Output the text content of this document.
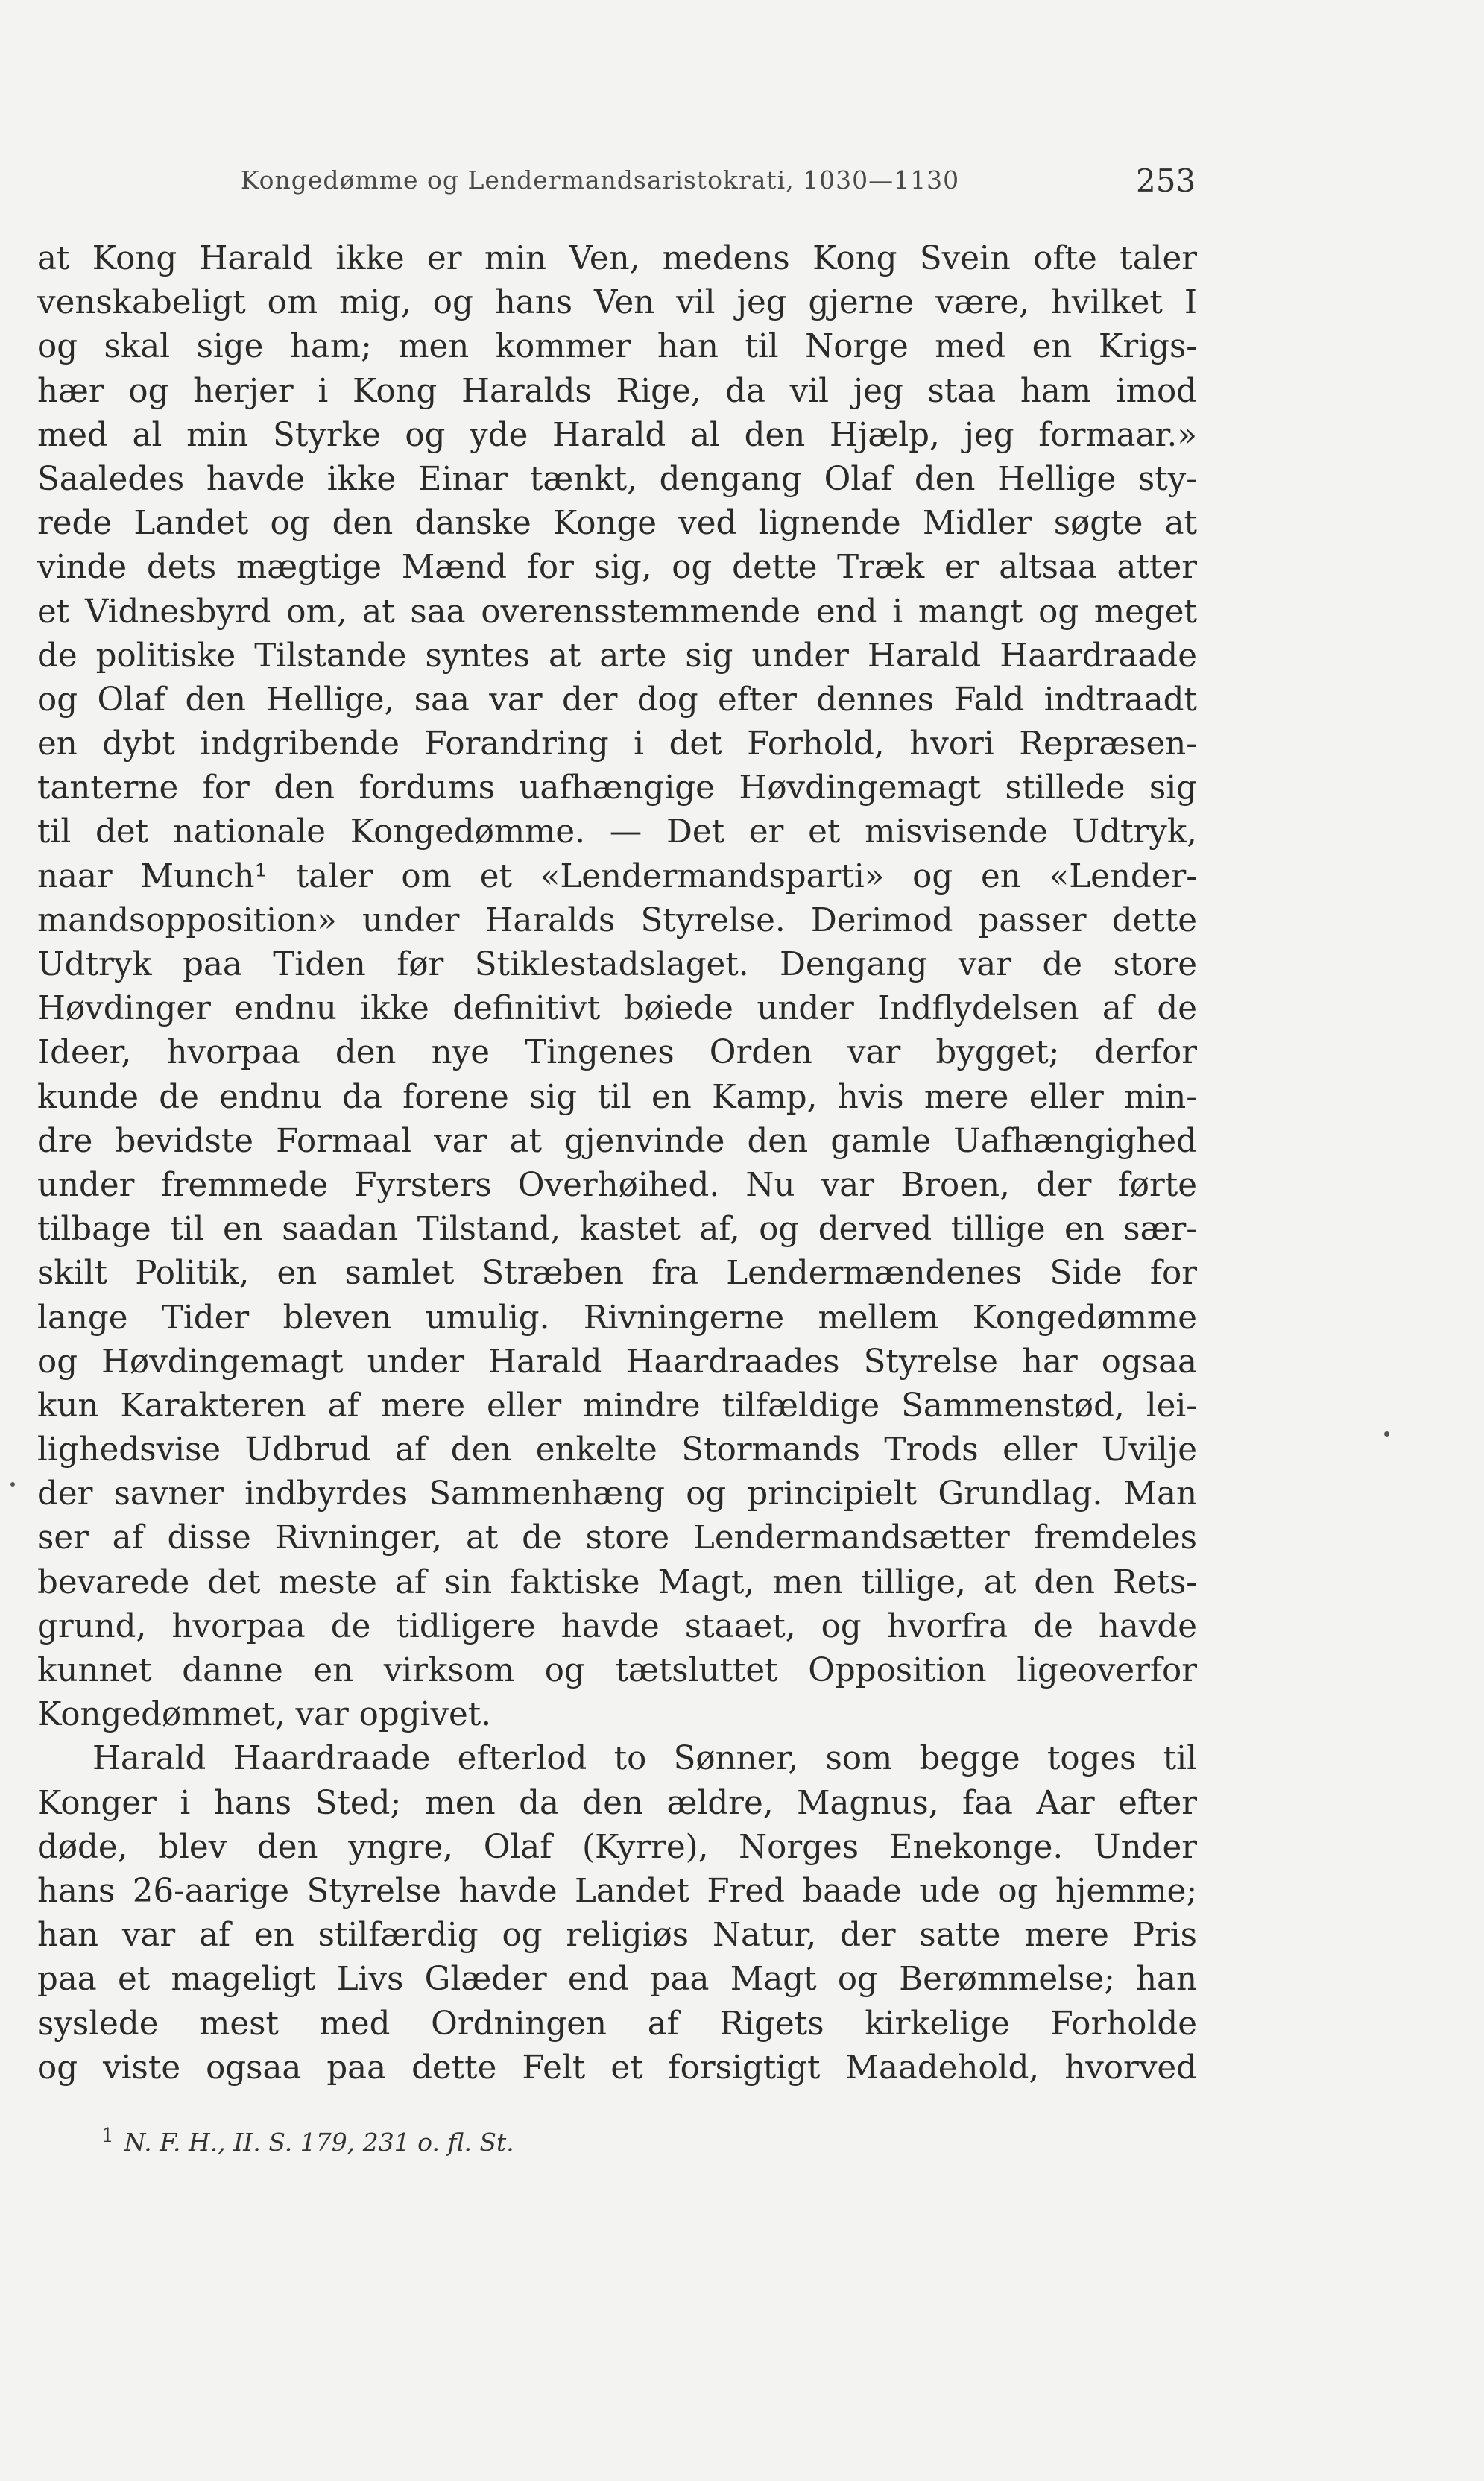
Kongedømme og Lendermandsaristokrati, 1030—1130	253
at Kong Harald ikke er min Ven, medens Kong Svein ofte taler
venskabeligt om mig, og hans Ven vil jeg gjerne være, hvilket I
og skal sige ham; men kommer han til Norge med en Krigs-
hær og herjer i Kong Haralds Rige, da vil jeg staa ham imod
med al min Styrke og yde Harald al den Hjælp, jeg formaar.»
Saaledes havde ikke Einar tænkt, dengang Olaf den Hellige sty-
rede Landet og den danske Konge ved lignende Midler søgte at
vinde dets mægtige Mænd for sig, og dette Træk er altsaa atter
et Vidnesbyrd om, at saa overensstemmende end i mangt og meget
de politiske Tilstande syntes at arte sig under Harald Haardraade
og Olaf den Hellige, saa var der dog efter dennes Fald indtraadt
en dybt indgribende Forandring i det Forhold, hvori Repræsen-
tanterne for den fordums uafhængige Høvdingemagt stillede sig
til det nationale Kongedømme. — Det er et misvisende Udtryk,
naar Munch¹ taler om et «Lendermandsparti» og en «Lender-
mandsopposition» under Haralds Styrelse. Derimod passer dette
Udtryk paa Tiden før Stiklestadslaget. Dengang var de store
Høvdinger endnu ikke definitivt bøiede under Indflydelsen af de
Ideer, hvorpaa den nye Tingenes Orden var bygget; derfor
kunde de endnu da forene sig til en Kamp, hvis mere eller min-
dre bevidste Formaal var at gjenvinde den gamle Uafhængighed
under fremmede Fyrsters Overhøihed. Nu var Broen, der førte
tilbage til en saadan Tilstand, kastet af, og derved tillige en sær-
skilt Politik, en samlet Stræben fra Lendermændenes Side for
lange Tider bleven umulig. Rivningerne mellem Kongedømme
og Høvdingemagt under Harald Haardraades Styrelse har ogsaa
kun Karakteren af mere eller mindre tilfældige Sammenstød, lei-
lighedsvise Udbrud af den enkelte Stormands Trods eller Uvilje
der savner indbyrdes Sammenhæng og principielt Grundlag. Man
ser af disse Rivninger, at de store Lendermandsætter fremdeles
bevarede det meste af sin faktiske Magt, men tillige, at den Rets-
grund, hvorpaa de tidligere havde staaet, og hvorfra de havde
kunnet danne en virksom og tætsluttet Opposition ligeoverfor
Kongedømmet, var opgivet.
Harald Haardraade efterlod to Sønner, som begge toges til
Konger i hans Sted; men da den ældre, Magnus, faa Aar efter
døde, blev den yngre, Olaf (Kyrre), Norges Enekonge. Under
hans 26-aarige Styrelse havde Landet Fred baade ude og hjemme;
han var af en stilfærdig og religiøs Natur, der satte mere Pris
paa et mageligt Livs Glæder end paa Magt og Berømmelse; han
syslede mest med Ordningen af Rigets kirkelige Forholde
og viste ogsaa paa dette Felt et forsigtigt Maadehold, hvorved
$^1$ N. F. H., II. S. 179, 231 o. fl. St.
